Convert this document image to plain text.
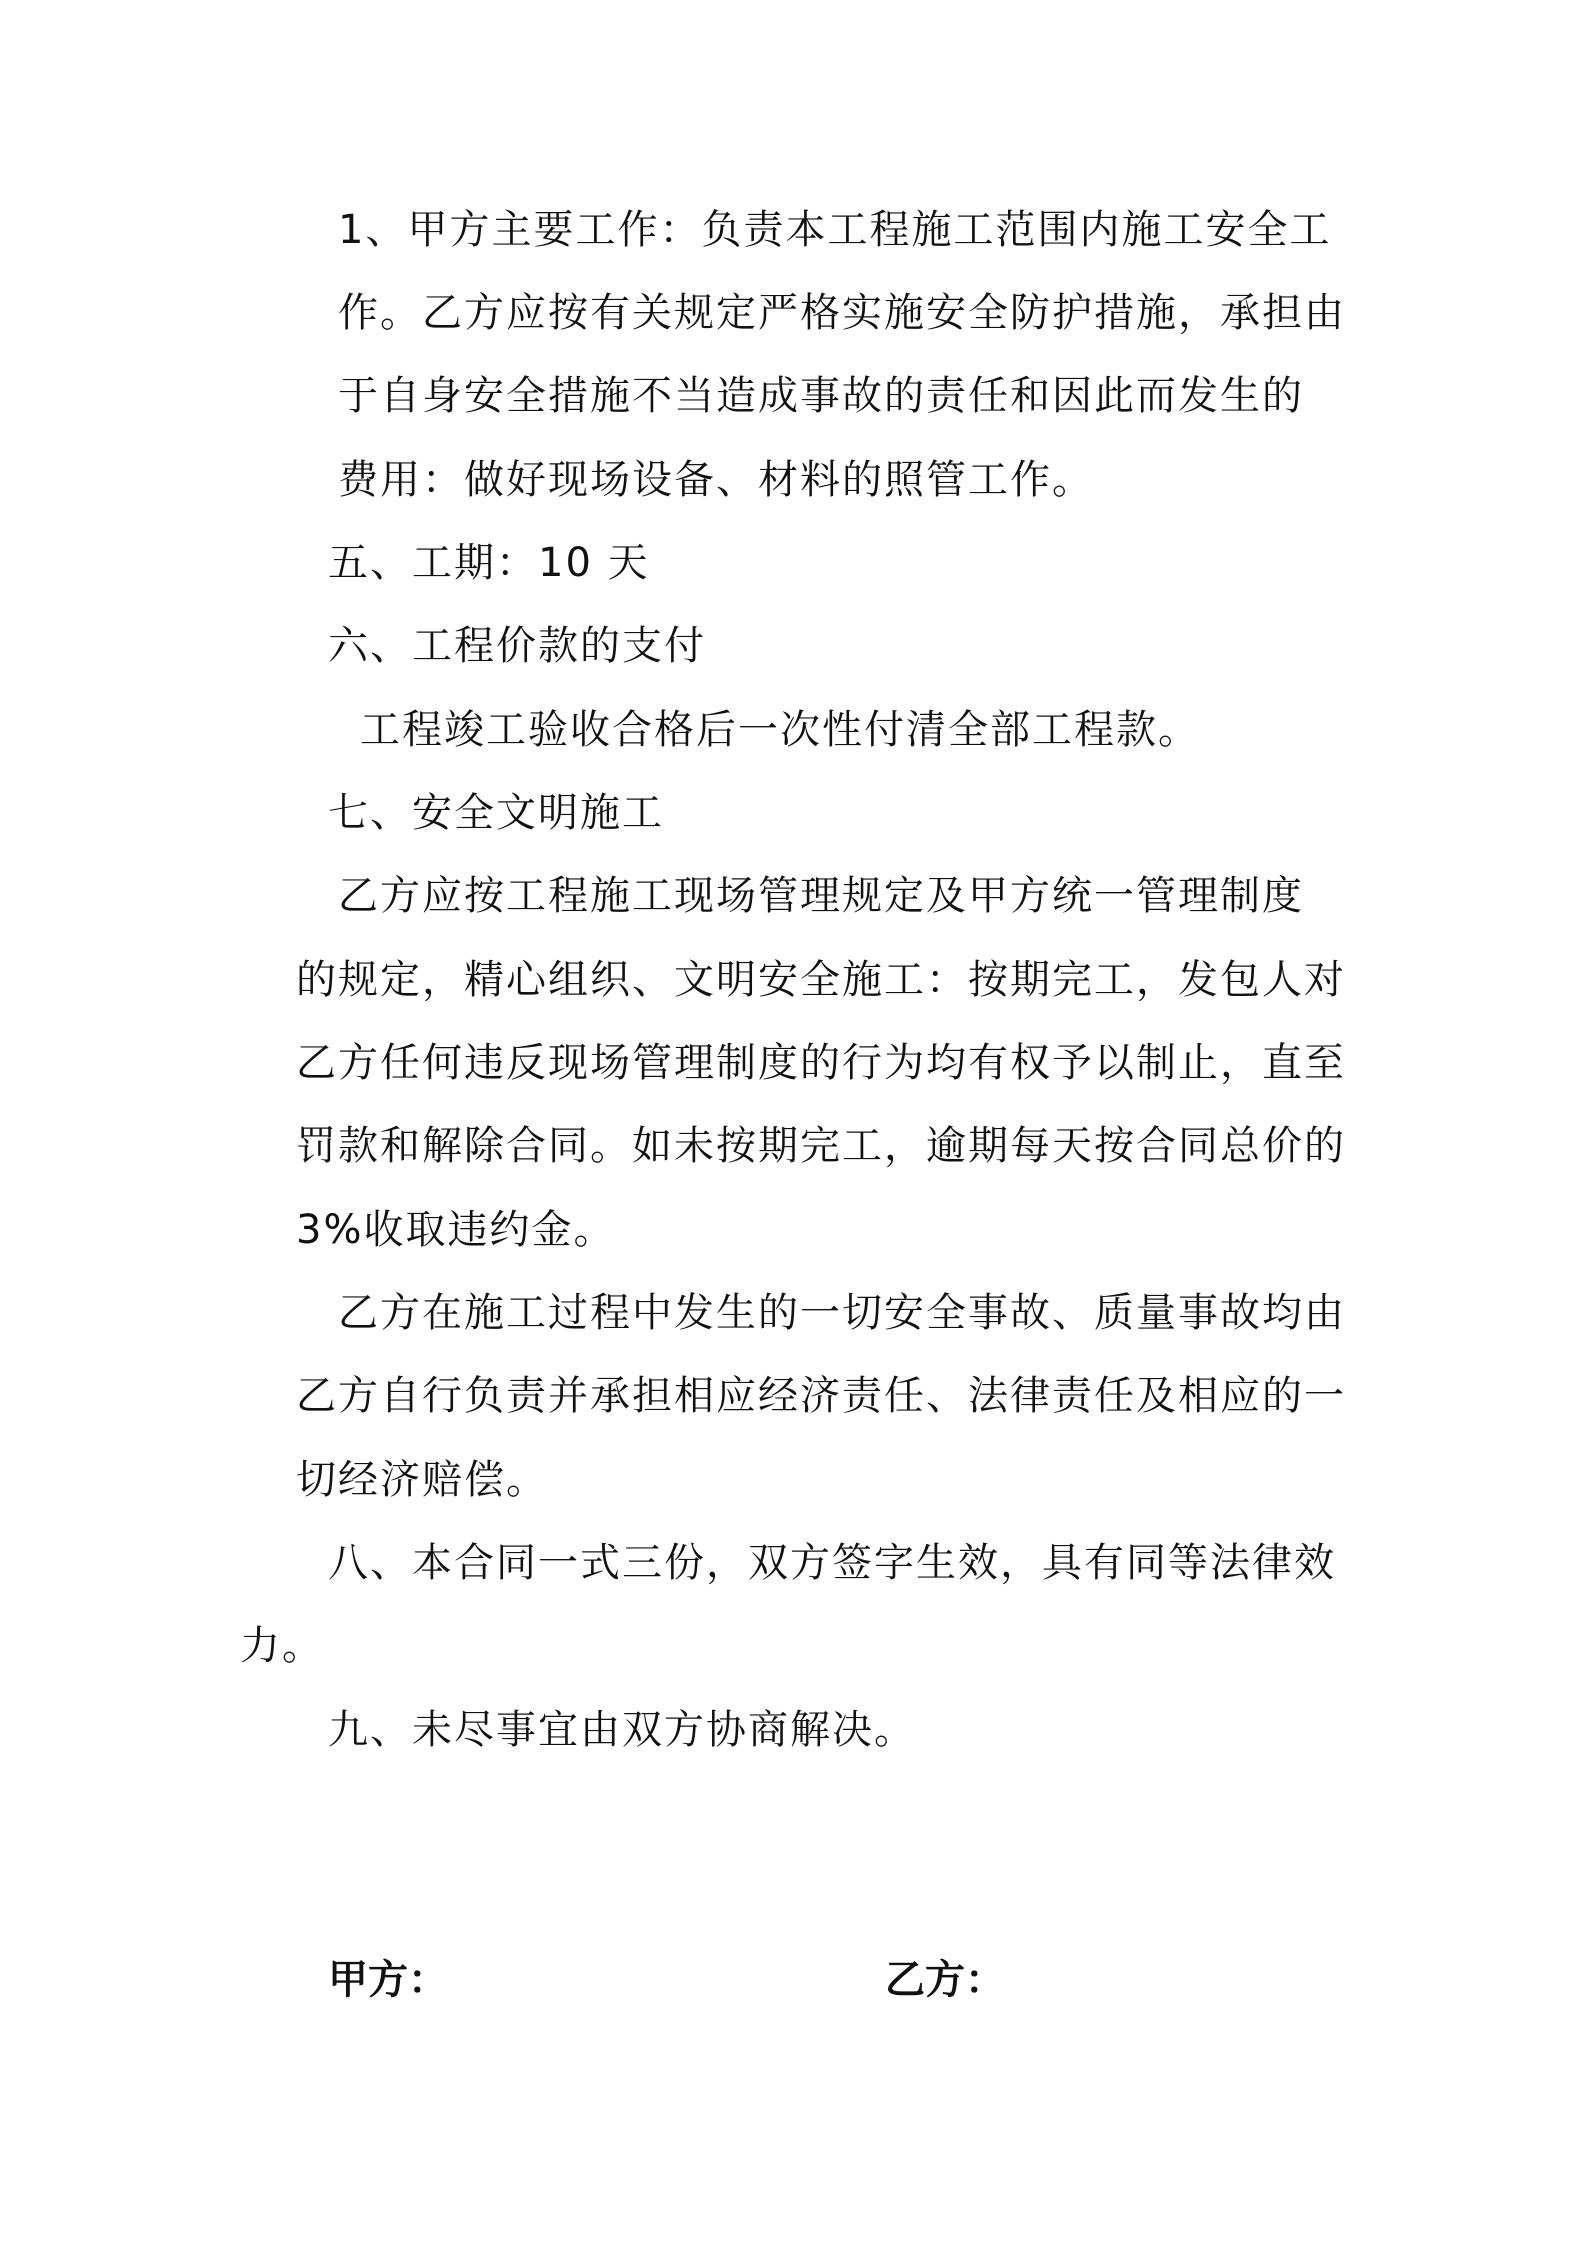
1、甲方主要工作：负责本工程施工范围内施工安全工
作。乙方应按有关规定严格实施安全防护措施，承担由
于自身安全措施不当造成事故的责任和因此而发生的
费用：做好现场设备、材料的照管工作。
五、工期：10 天
六、工程价款的支付
工程竣工验收合格后一次性付清全部工程款。
七、安全文明施工
乙方应按工程施工现场管理规定及甲方统一管理制度
的规定，精心组织、文明安全施工：按期完工，发包人对
乙方任何违反现场管理制度的行为均有权予以制止，直至
罚款和解除合同。如未按期完工，逾期每天按合同总价的
3%收取违约金。
乙方在施工过程中发生的一切安全事故、质量事故均由
乙方自行负责并承担相应经济责任、法律责任及相应的一
切经济赔偿。
八、本合同一式三份，双方签字生效，具有同等法律效
力。
九、未尽事宜由双方协商解决。
甲方：	乙方：
